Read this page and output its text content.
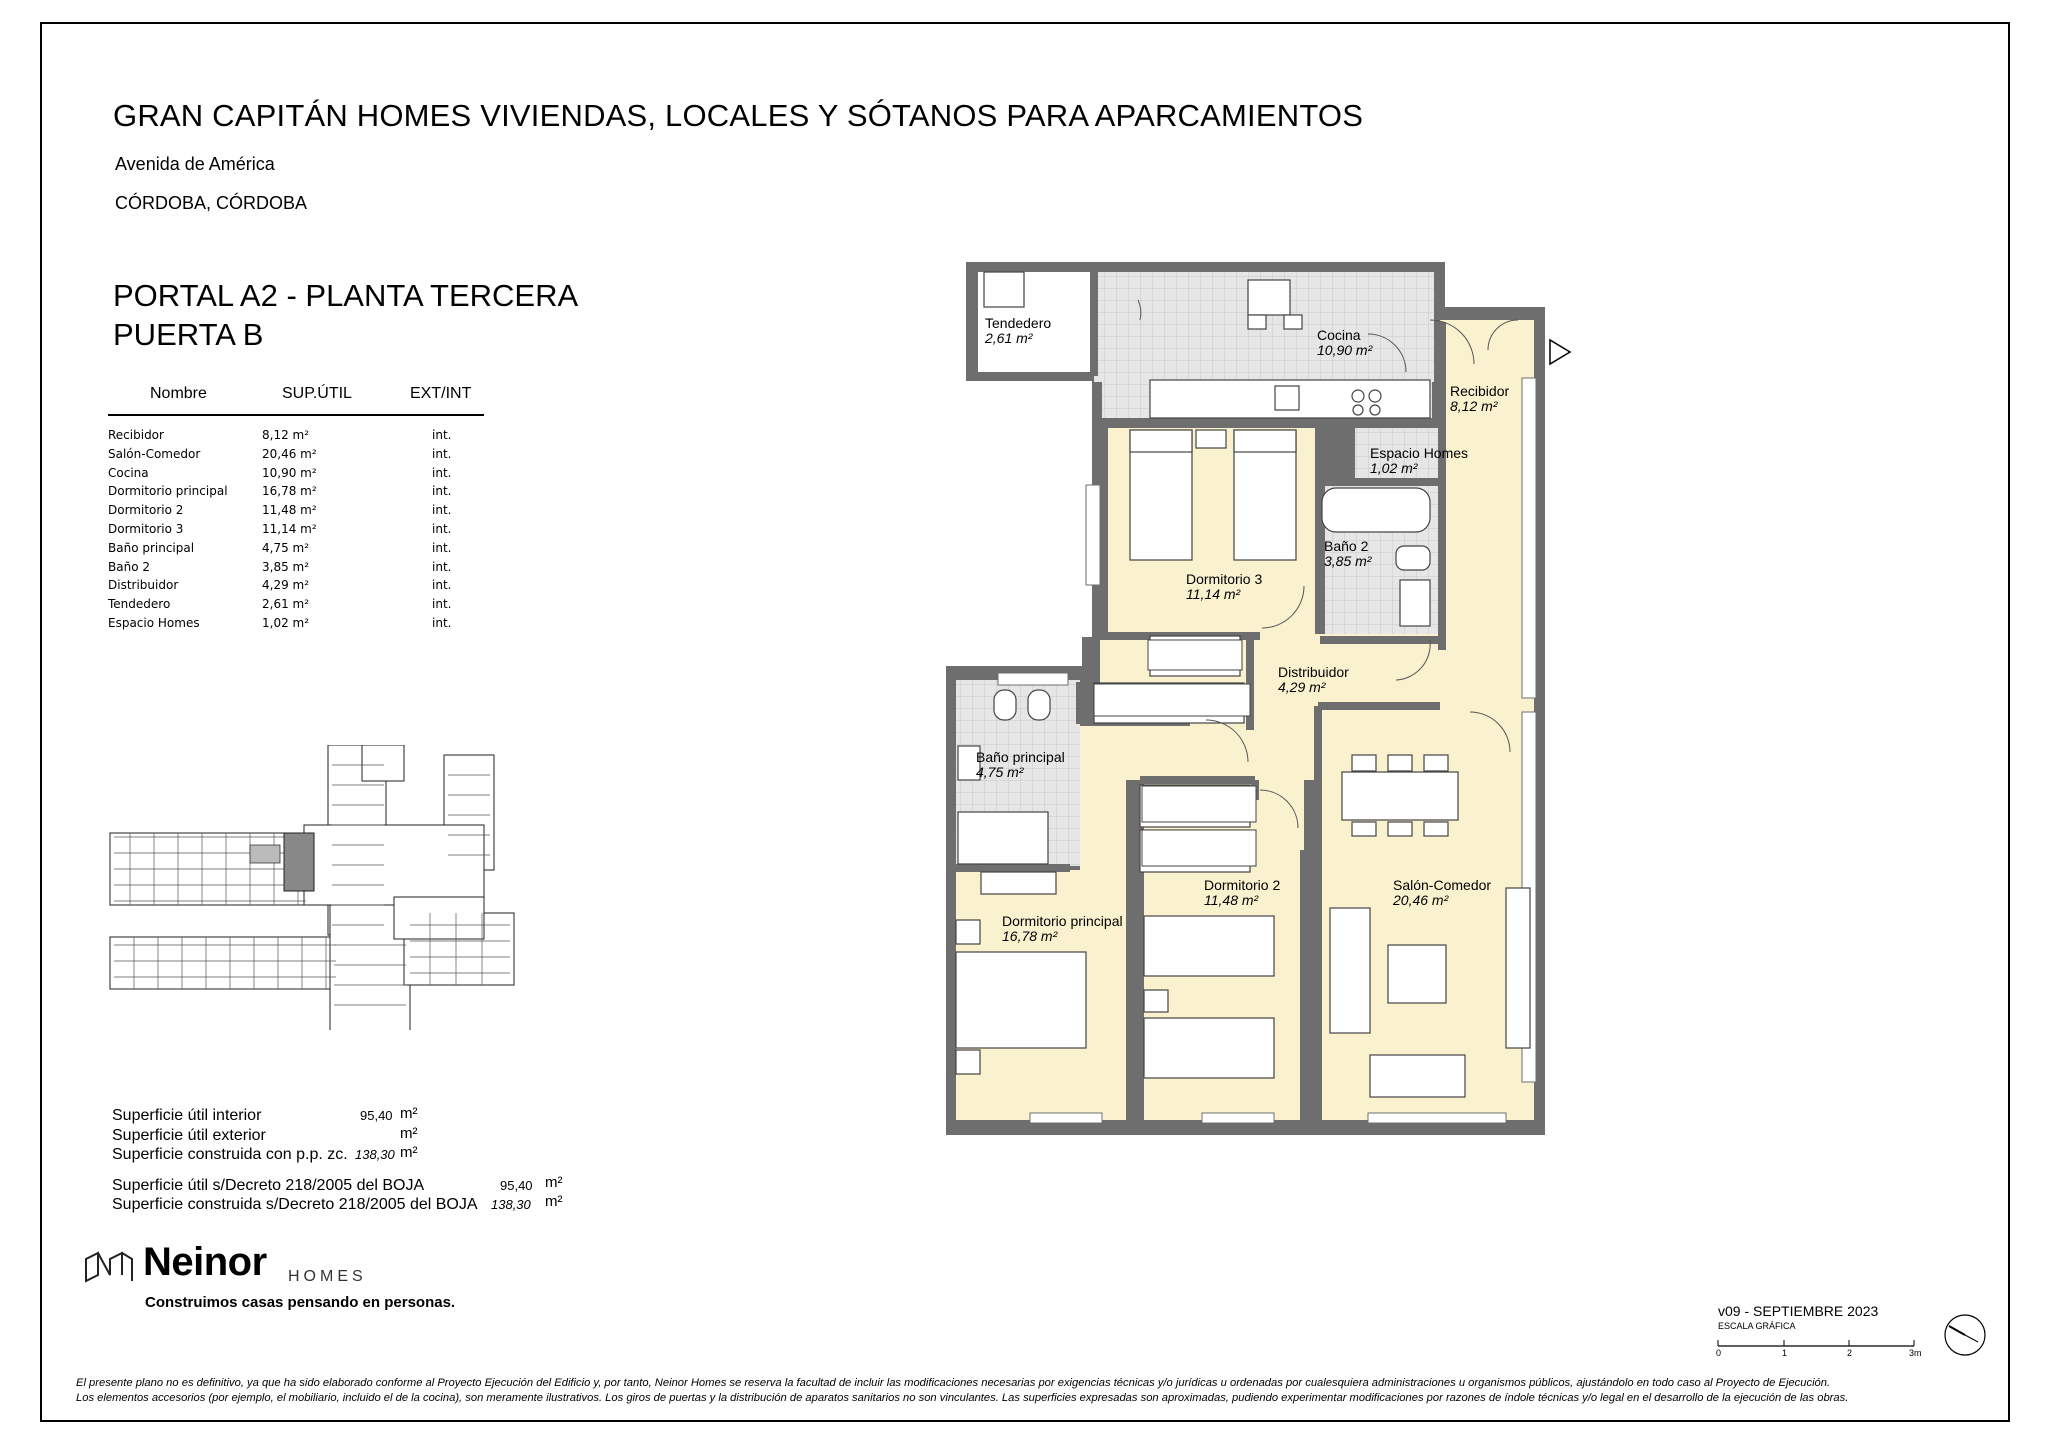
GRAN CAPITÁN HOMES VIVIENDAS, LOCALES Y SÓTANOS PARA APARCAMIENTOS
Avenida de América
CÓRDOBA, CÓRDOBA
PORTAL A2 - PLANTA TERCERA
PUERTA B
Nombre	SUP.ÚTIL	EXT/INT
Recibidor	8,12 m²	int.
Salón-Comedor	20,46 m²	int.
Cocina	10,90 m²	int.
Dormitorio principal	16,78 m²	int.
Dormitorio 2	11,48 m²	int.
Dormitorio 3	11,14 m²	int.
Baño principal	4,75 m²	int.
Baño 2	3,85 m²	int.
Distribuidor	4,29 m²	int.
Tendedero	2,61 m²	int.
Espacio Homes	1,02 m²	int.
Tendedero
2,61 m²	Cocina
10,90 m²
Recibidor
8,12 m²
Espacio Homes
1,02 m²
Dormitorio 3
11,14 m²
Baño 2
3,85 m²
Distribuidor
4,29 m²
Baño principal
4,75 m²
Dormitorio 2
11,48 m²
Salón-Comedor
20,46 m²
Dormitorio principal
16,78 m²
Superficie útil interior	95,40 m²
Superficie útil exterior	m²
Superficie construida con p.p. zc. 138,30 m²
Superficie útil s/Decreto 218/2005 del BOJA	95,40 m²
Superficie construida s/Decreto 218/2005 del BOJA 138,30 m²
Neinor HOMES
Construimos casas pensando en personas.	v09 - SEPTIEMBRE 2023
ESCALA GRÁFICA
0	1	2	3m
El presente plano no es definitivo, ya que ha sido elaborado conforme al Proyecto Ejecución del Edificio y, por tanto, Neinor Homes se reserva la facultad de incluir las modificaciones necesarias por exigencias técnicas y/o jurídicas u ordenadas por cualesquiera administraciones u organismos públicos, ajustándolo en todo caso al Proyecto de Ejecución.
Los elementos accesorios (por ejemplo, el mobiliario, incluido el de la cocina), son meramente ilustrativos. Los giros de puertas y la distribución de aparatos sanitarios no son vinculantes. Las superficies expresadas son aproximadas, pudiendo experimentar modificaciones por razones de índole técnicas y/o legal en el desarrollo de la ejecución de las obras.
